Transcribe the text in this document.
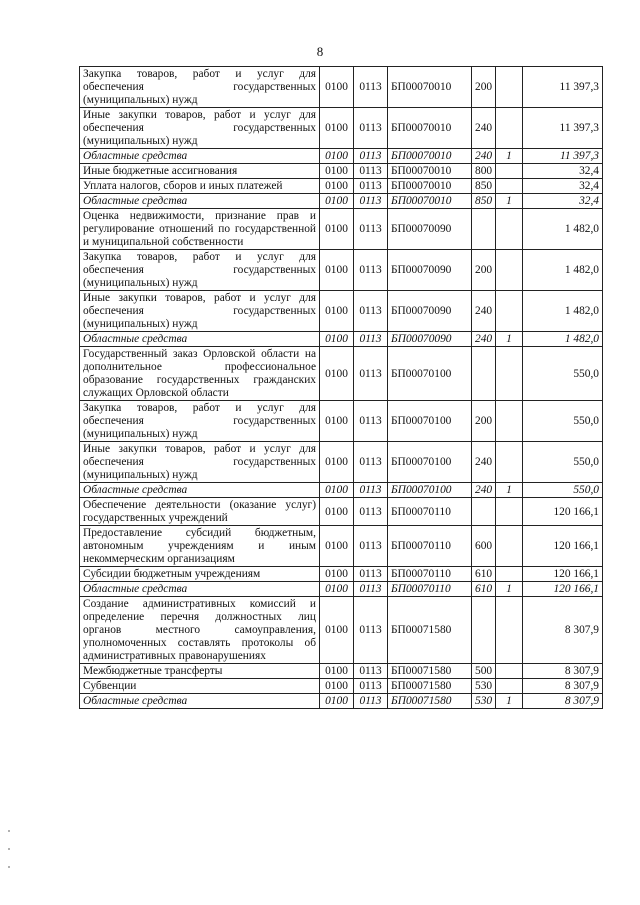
8
Закупка товаров, работ и услуг для обеспечения государственных (муниципальных) нужд	0100	0113	БП00070010	200		11 397,3
Иные закупки товаров, работ и услуг для обеспечения государственных (муниципальных) нужд	0100	0113	БП00070010	240		11 397,3
Областные средства	0100	0113	БП00070010	240	1	11 397,3
Иные бюджетные ассигнования	0100	0113	БП00070010	800		32,4
Уплата налогов, сборов и иных платежей	0100	0113	БП00070010	850		32,4
Областные средства	0100	0113	БП00070010	850	1	32,4
Оценка недвижимости, признание прав и регулирование отношений по государственной и муниципальной собственности	0100	0113	БП00070090			1 482,0
Закупка товаров, работ и услуг для обеспечения государственных (муниципальных) нужд	0100	0113	БП00070090	200		1 482,0
Иные закупки товаров, работ и услуг для обеспечения государственных (муниципальных) нужд	0100	0113	БП00070090	240		1 482,0
Областные средства	0100	0113	БП00070090	240	1	1 482,0
Государственный заказ Орловской области на дополнительное профессиональное образование государственных гражданских служащих Орловской области	0100	0113	БП00070100			550,0
Закупка товаров, работ и услуг для обеспечения государственных (муниципальных) нужд	0100	0113	БП00070100	200		550,0
Иные закупки товаров, работ и услуг для обеспечения государственных (муниципальных) нужд	0100	0113	БП00070100	240		550,0
Областные средства	0100	0113	БП00070100	240	1	550,0
Обеспечение деятельности (оказание услуг) государственных учреждений	0100	0113	БП00070110			120 166,1
Предоставление субсидий бюджетным, автономным учреждениям и иным некоммерческим организациям	0100	0113	БП00070110	600		120 166,1
Субсидии бюджетным учреждениям	0100	0113	БП00070110	610		120 166,1
Областные средства	0100	0113	БП00070110	610	1	120 166,1
Создание административных комиссий и определение перечня должностных лиц органов местного самоуправления, уполномоченных составлять протоколы об административных правонарушениях	0100	0113	БП00071580			8 307,9
Межбюджетные трансферты	0100	0113	БП00071580	500		8 307,9
Субвенции	0100	0113	БП00071580	530		8 307,9
Областные средства	0100	0113	БП00071580	530	1	8 307,9
